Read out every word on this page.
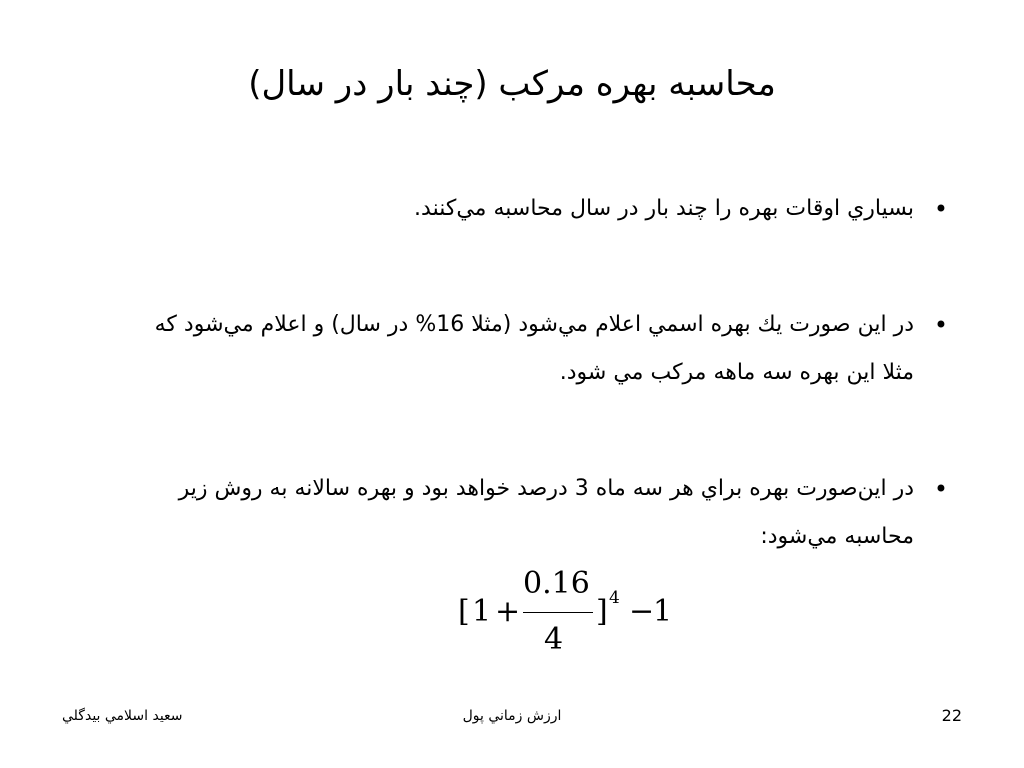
محاسبه بهره مركب (چند بار در سال)
•
بسياري اوقات بهره را چند بار در سال محاسبه مي‌كنند.
•
در اين صورت يك بهره اسمي اعلام مي‌شود (مثلا 16% در سال) و اعلام مي‌شود كه مثلا اين بهره سه ماهه مركب مي شود.
•
در اين‌صورت بهره براي هر سه ماه 3 درصد خواهد بود و بهره سالانه به روش زير محاسبه مي‌شود:
[ 1 +
0.16
4
] 4 −
1
سعيد اسلامي بيدگلي	ارزش زماني پول	22
